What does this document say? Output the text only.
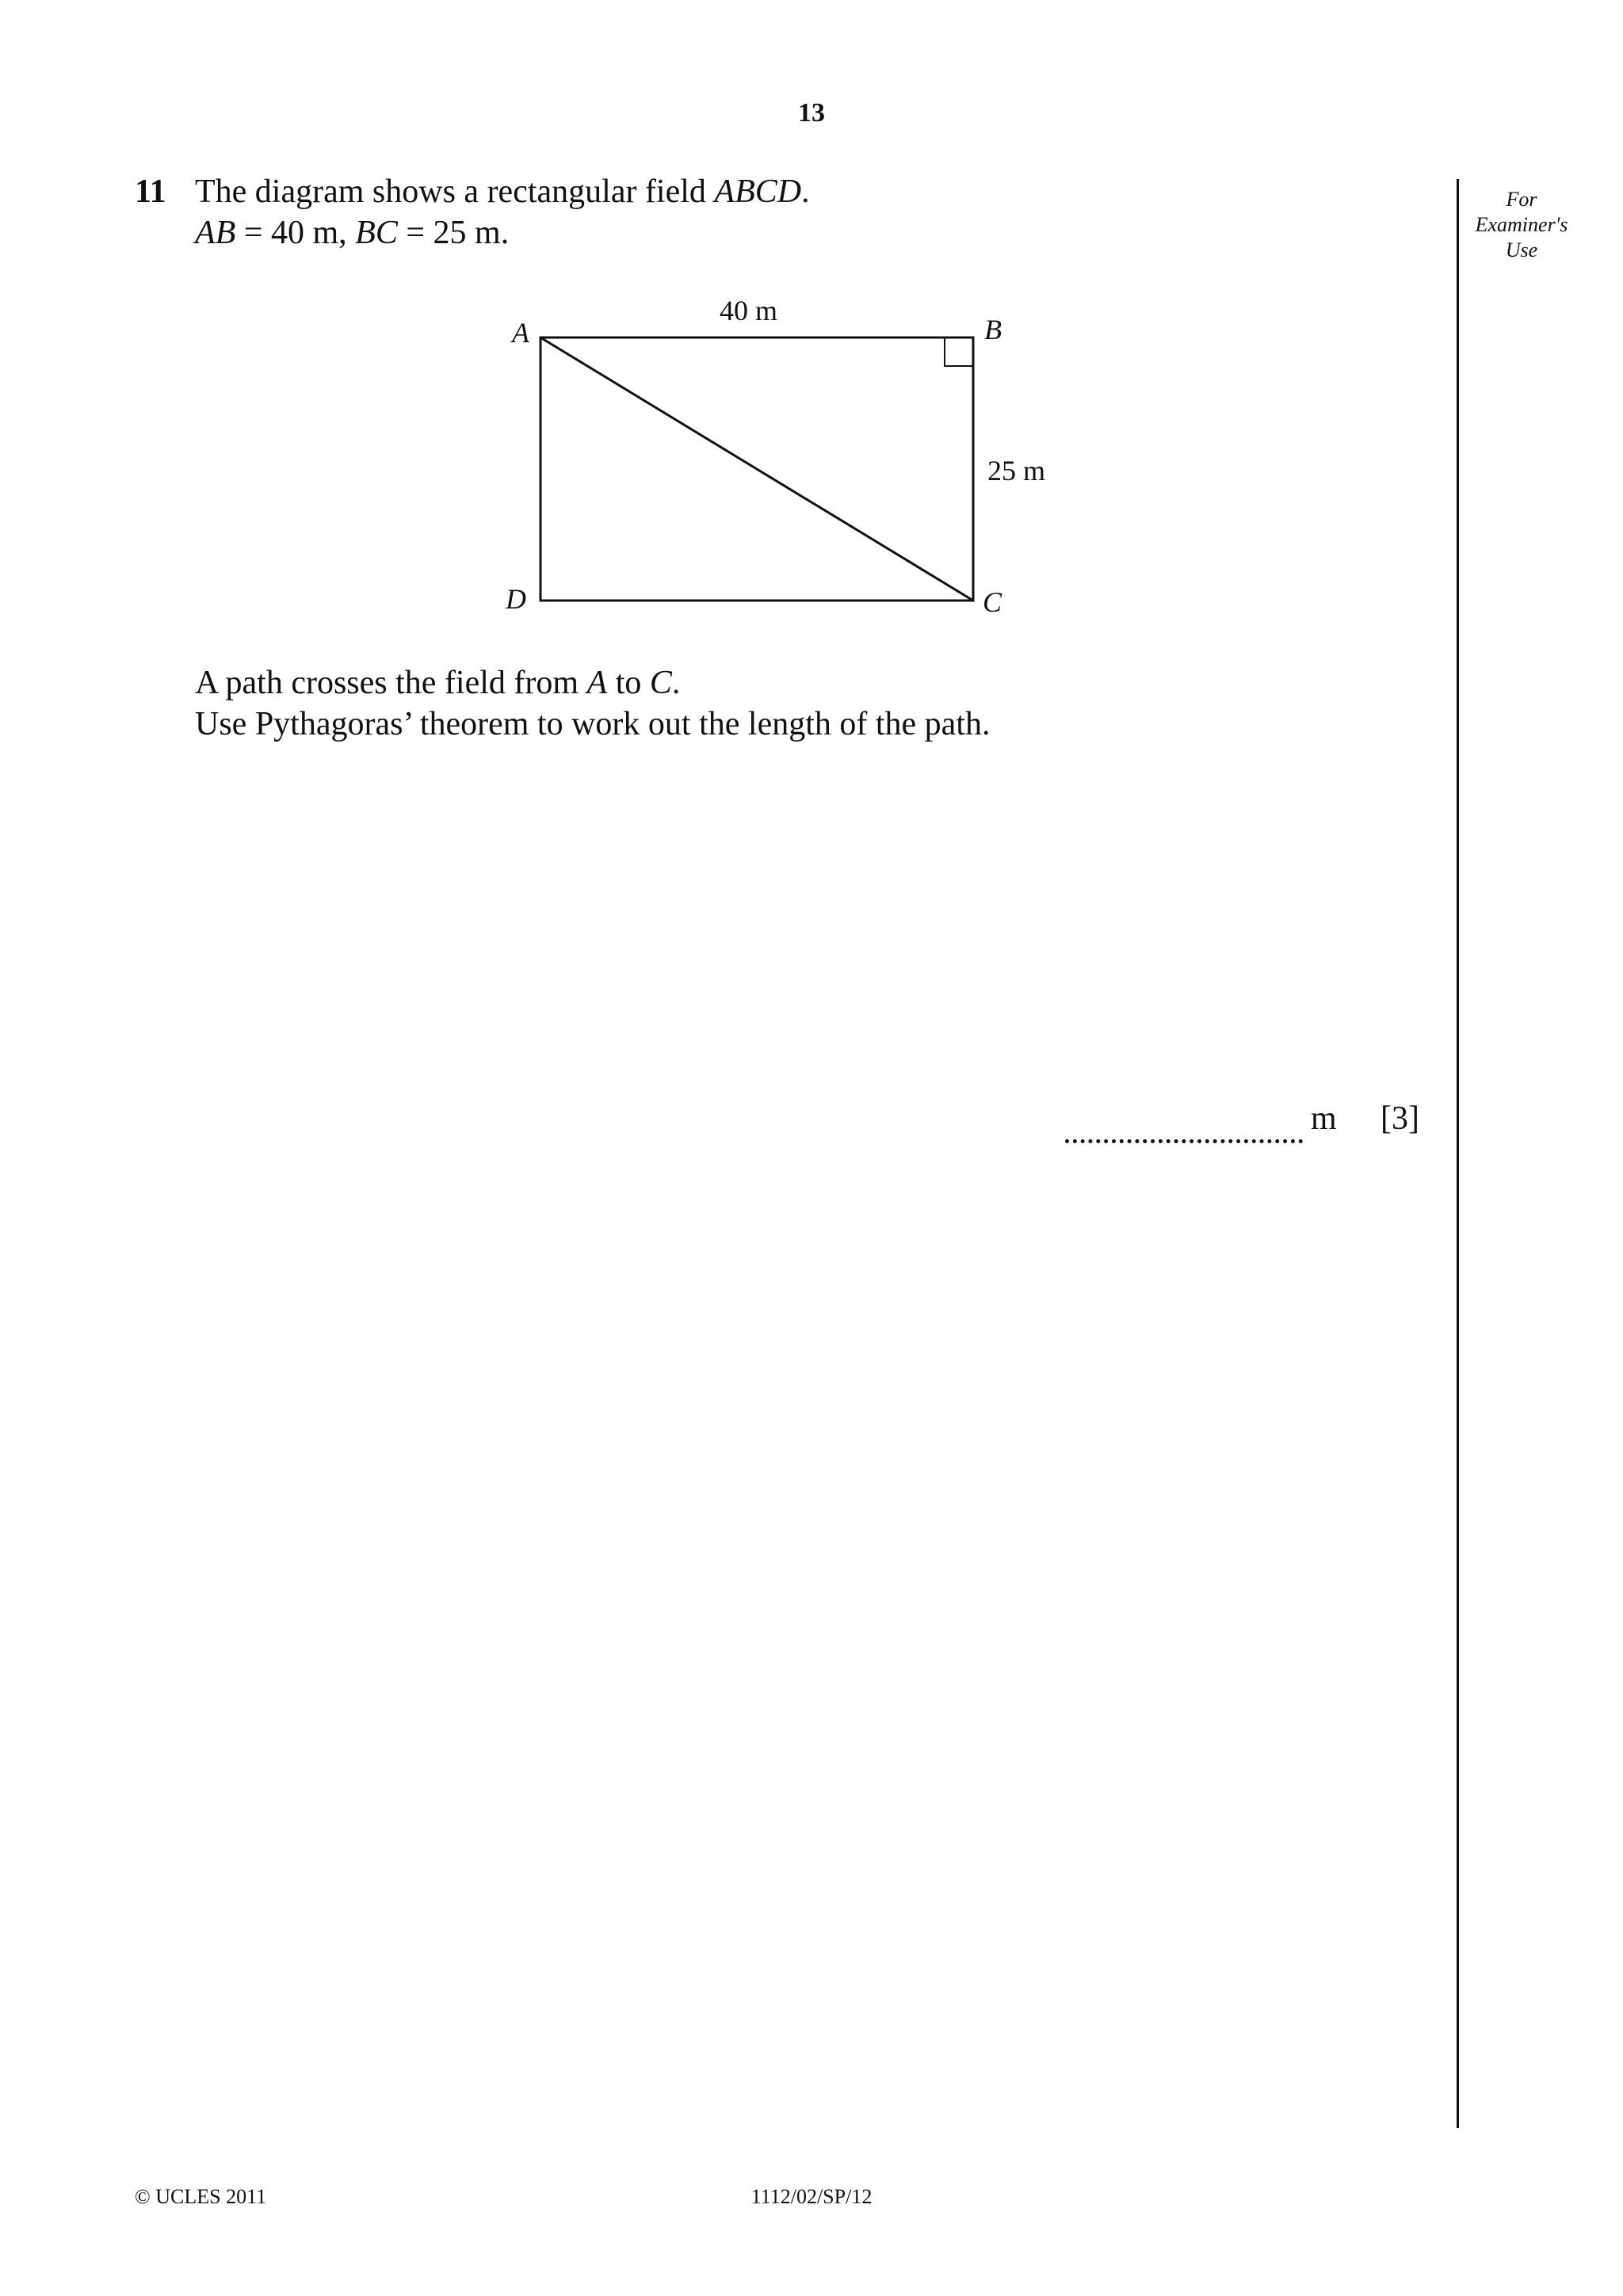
13
For
Examiner's
Use
11 The diagram shows a rectangular field ABCD.
AB = 40 m, BC = 25 m.
A	B
C
D
40 m
25 m
A path crosses the field from A to C.
Use Pythagoras’ theorem to work out the length of the path.
m [3]
© UCLES 2011	1112/02/SP/12
